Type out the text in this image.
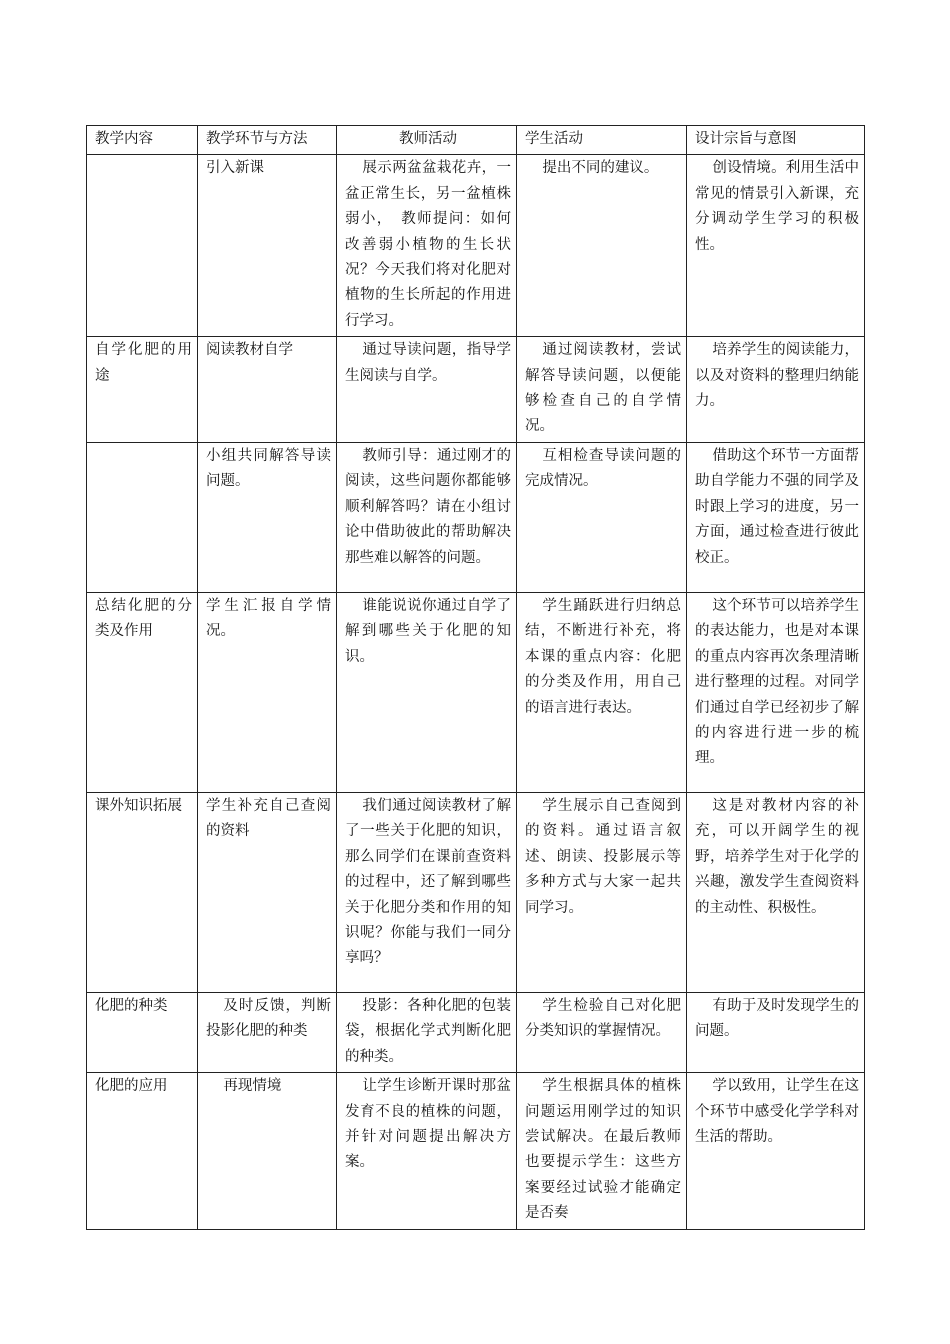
教学内容	教学环节与方法	教师活动	学生活动	设计宗旨与意图
	引入新课	展示两盆盆栽花卉，一盆正常生长，另一盆植株弱小，　教师提问：如何改善弱小植物的生长状况？今天我们将对化肥对植物的生长所起的作用进行学习。	提出不同的建议。	创设情境。利用生活中常见的情景引入新课，充分调动学生学习的积极性。
自学化肥的用途	阅读教材自学	通过导读问题，指导学生阅读与自学。	通过阅读教材，尝试解答导读问题，以便能够检查自己的自学情况。	培养学生的阅读能力，以及对资料的整理归纳能力。
	小组共同解答导读问题。	教师引导：通过刚才的阅读，这些问题你都能够顺利解答吗？请在小组讨论中借助彼此的帮助解决那些难以解答的问题。	互相检查导读问题的完成情况。	借助这个环节一方面帮助自学能力不强的同学及时跟上学习的进度，另一方面，通过检查进行彼此校正。
总结化肥的分类及作用	学生汇报自学情况。	谁能说说你通过自学了解到哪些关于化肥的知识。	学生踊跃进行归纳总结，不断进行补充，将本课的重点内容：化肥的分类及作用，用自己的语言进行表达。	这个环节可以培养学生的表达能力，也是对本课的重点内容再次条理清晰进行整理的过程。对同学们通过自学已经初步了解的内容进行进一步的梳理。
课外知识拓展	学生补充自己查阅的资料	我们通过阅读教材了解了一些关于化肥的知识，那么同学们在课前查资料的过程中，还了解到哪些关于化肥分类和作用的知识呢？你能与我们一同分享吗？	学生展示自己查阅到的资料。通过语言叙述、朗读、投影展示等多种方式与大家一起共同学习。	这是对教材内容的补充，可以开阔学生的视野，培养学生对于化学的兴趣，激发学生查阅资料的主动性、积极性。
化肥的种类	及时反馈，判断投影化肥的种类	投影：各种化肥的包装袋，根据化学式判断化肥的种类。	学生检验自己对化肥分类知识的掌握情况。	有助于及时发现学生的问题。
化肥的应用	再现情境	让学生诊断开课时那盆发育不良的植株的问题，并针对问题提出解决方案。	学生根据具体的植株问题运用刚学过的知识尝试解决。在最后教师也要提示学生：这些方案要经过试验才能确定是否奏	学以致用，让学生在这个环节中感受化学学科对生活的帮助。
